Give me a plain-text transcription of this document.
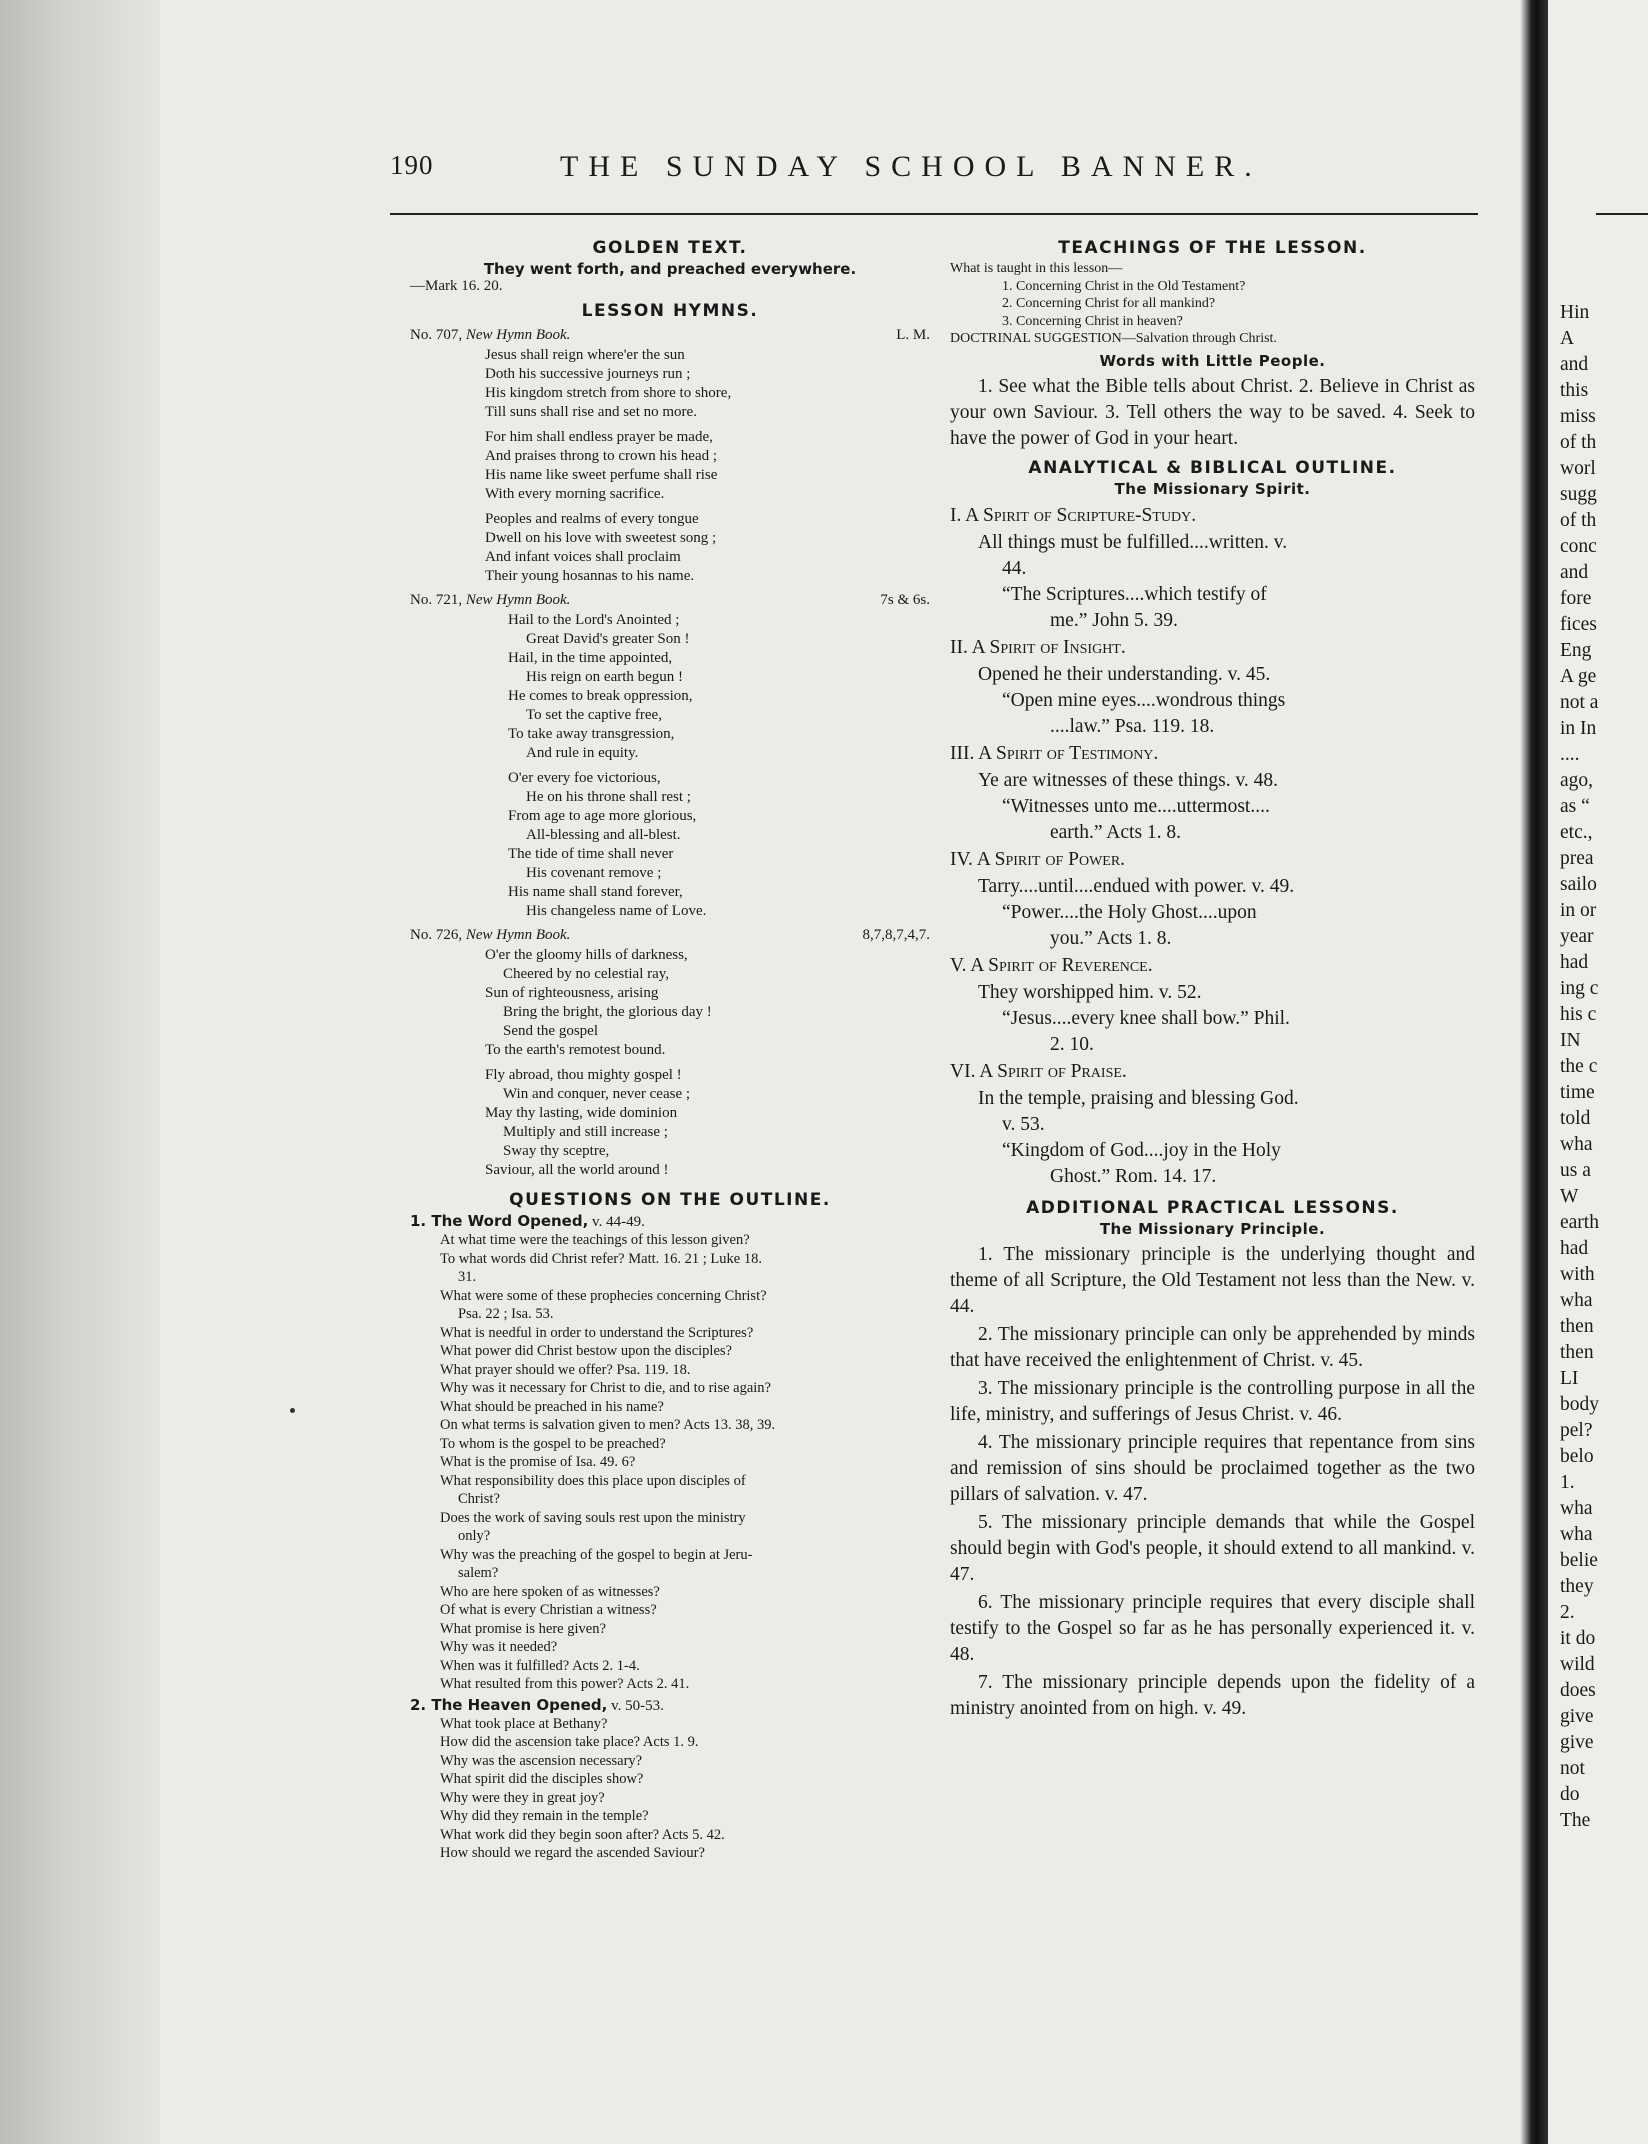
190	THE SUNDAY SCHOOL BANNER.
GOLDEN TEXT.
They went forth, and preached everywhere.
—Mark 16. 20.
LESSON HYMNS.
No. 707, New Hymn Book.	L. M.
Jesus shall reign where'er the sun
Doth his successive journeys run ;
His kingdom stretch from shore to shore,
Till suns shall rise and set no more.
For him shall endless prayer be made,
And praises throng to crown his head ;
His name like sweet perfume shall rise
With every morning sacrifice.
Peoples and realms of every tongue
Dwell on his love with sweetest song ;
And infant voices shall proclaim
Their young hosannas to his name.
No. 721, New Hymn Book.	7s & 6s.
Hail to the Lord's Anointed ;
Great David's greater Son !
Hail, in the time appointed,
His reign on earth begun !
He comes to break oppression,
To set the captive free,
To take away transgression,
And rule in equity.
O'er every foe victorious,
He on his throne shall rest ;
From age to age more glorious,
All-blessing and all-blest.
The tide of time shall never
His covenant remove ;
His name shall stand forever,
His changeless name of Love.
No. 726, New Hymn Book.	8,7,8,7,4,7.
O'er the gloomy hills of darkness,
Cheered by no celestial ray,
Sun of righteousness, arising
Bring the bright, the glorious day !
Send the gospel
To the earth's remotest bound.
Fly abroad, thou mighty gospel !
Win and conquer, never cease ;
May thy lasting, wide dominion
Multiply and still increase ;
Sway thy sceptre,
Saviour, all the world around !
QUESTIONS ON THE OUTLINE.
1. The Word Opened, v. 44-49.
At what time were the teachings of this lesson given?
To what words did Christ refer? Matt. 16. 21 ; Luke 18.
31.
What were some of these prophecies concerning Christ?
Psa. 22 ; Isa. 53.
What is needful in order to understand the Scriptures?
What power did Christ bestow upon the disciples?
What prayer should we offer? Psa. 119. 18.
Why was it necessary for Christ to die, and to rise again?
What should be preached in his name?
On what terms is salvation given to men? Acts 13. 38, 39.
To whom is the gospel to be preached?
What is the promise of Isa. 49. 6?
What responsibility does this place upon disciples of
Christ?
Does the work of saving souls rest upon the ministry
only?
Why was the preaching of the gospel to begin at Jeru-
salem?
Who are here spoken of as witnesses?
Of what is every Christian a witness?
What promise is here given?
Why was it needed?
When was it fulfilled? Acts 2. 1-4.
What resulted from this power? Acts 2. 41.
2. The Heaven Opened, v. 50-53.
What took place at Bethany?
How did the ascension take place? Acts 1. 9.
Why was the ascension necessary?
What spirit did the disciples show?
Why were they in great joy?
Why did they remain in the temple?
What work did they begin soon after? Acts 5. 42.
How should we regard the ascended Saviour?
TEACHINGS OF THE LESSON.
What is taught in this lesson—
1. Concerning Christ in the Old Testament?
2. Concerning Christ for all mankind?
3. Concerning Christ in heaven?
DOCTRINAL SUGGESTION—Salvation through Christ.
Words with Little People.
1. See what the Bible tells about Christ. 2. Believe in Christ as your own Saviour. 3. Tell others the way to be saved. 4. Seek to have the power of God in your heart.
ANALYTICAL & BIBLICAL OUTLINE.
The Missionary Spirit.
I. A Spirit of Scripture-Study.
All things must be fulfilled....written. v.
44.
“The Scriptures....which testify of
me.” John 5. 39.
II. A Spirit of Insight.
Opened he their understanding. v. 45.
“Open mine eyes....wondrous things
....law.” Psa. 119. 18.
III. A Spirit of Testimony.
Ye are witnesses of these things. v. 48.
“Witnesses unto me....uttermost....
earth.” Acts 1. 8.
IV. A Spirit of Power.
Tarry....until....endued with power. v. 49.
“Power....the Holy Ghost....upon
you.” Acts 1. 8.
V. A Spirit of Reverence.
They worshipped him. v. 52.
“Jesus....every knee shall bow.” Phil.
2. 10.
VI. A Spirit of Praise.
In the temple, praising and blessing God.
v. 53.
“Kingdom of God....joy in the Holy
Ghost.” Rom. 14. 17.
ADDITIONAL PRACTICAL LESSONS.
The Missionary Principle.
1. The missionary principle is the underlying thought and theme of all Scripture, the Old Testament not less than the New. v. 44.
2. The missionary principle can only be apprehended by minds that have received the enlightenment of Christ. v. 45.
3. The missionary principle is the controlling purpose in all the life, ministry, and sufferings of Jesus Christ. v. 46.
4. The missionary principle requires that repentance from sins and remission of sins should be proclaimed together as the two pillars of salvation. v. 47.
5. The missionary principle demands that while the Gospel should begin with God's people, it should extend to all mankind. v. 47.
6. The missionary principle requires that every disciple shall testify to the Gospel so far as he has personally experienced it. v. 48.
7. The missionary principle depends upon the fidelity of a ministry anointed from on high. v. 49.
Hin
A
and
this
miss
of th
worl
sugg
of th
conc
and
fore
fices
Eng
A ge
not a
in In
....
ago,
as “
etc.,
prea
sailo
in or
year
had
ing c
his c
IN
the c
time
told
wha
us a
W
earth
had
with
wha
then
then
LI
body
pel?
belo
1.
wha
wha
belie
they
2.
it do
wild
does
give
give
not
do
The
